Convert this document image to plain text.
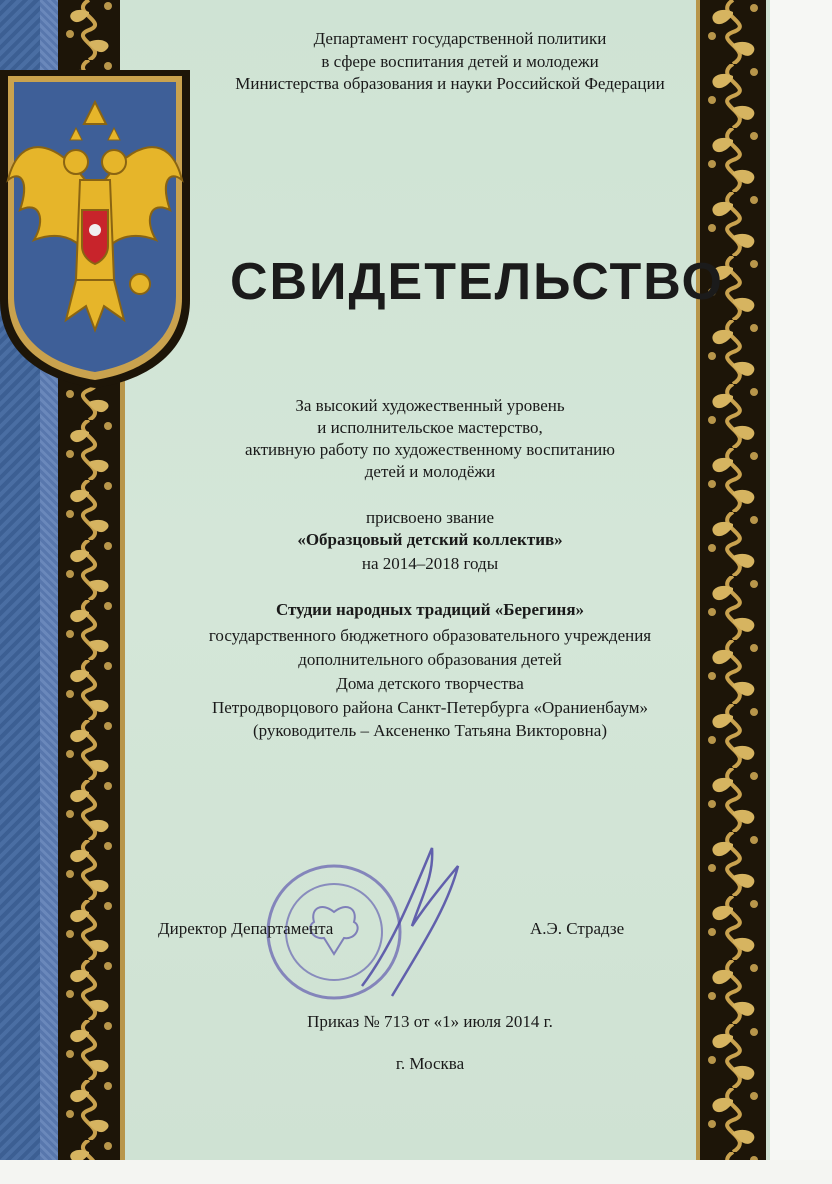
Департамент государственной политики
в сфере воспитания детей и молодежи
Министерства образования и науки Российской Федерации
СВИДЕТЕЛЬСТВО
За высокий художественный уровень
и исполнительское мастерство,
активную работу по художественному воспитанию
детей и молодёжи
присвоено звание
«Образцовый детский коллектив»
на 2014–2018 годы
Студии народных традиций «Берегиня»
государственного бюджетного образовательного учреждения
дополнительного образования детей
Дома детского творчества
Петродворцового района Санкт-Петербурга «Ораниенбаум»
(руководитель – Аксененко Татьяна Викторовна)
Директор Департамента	А.Э. Страдзе
Приказ № 713 от «1» июля 2014 г.
г. Москва
